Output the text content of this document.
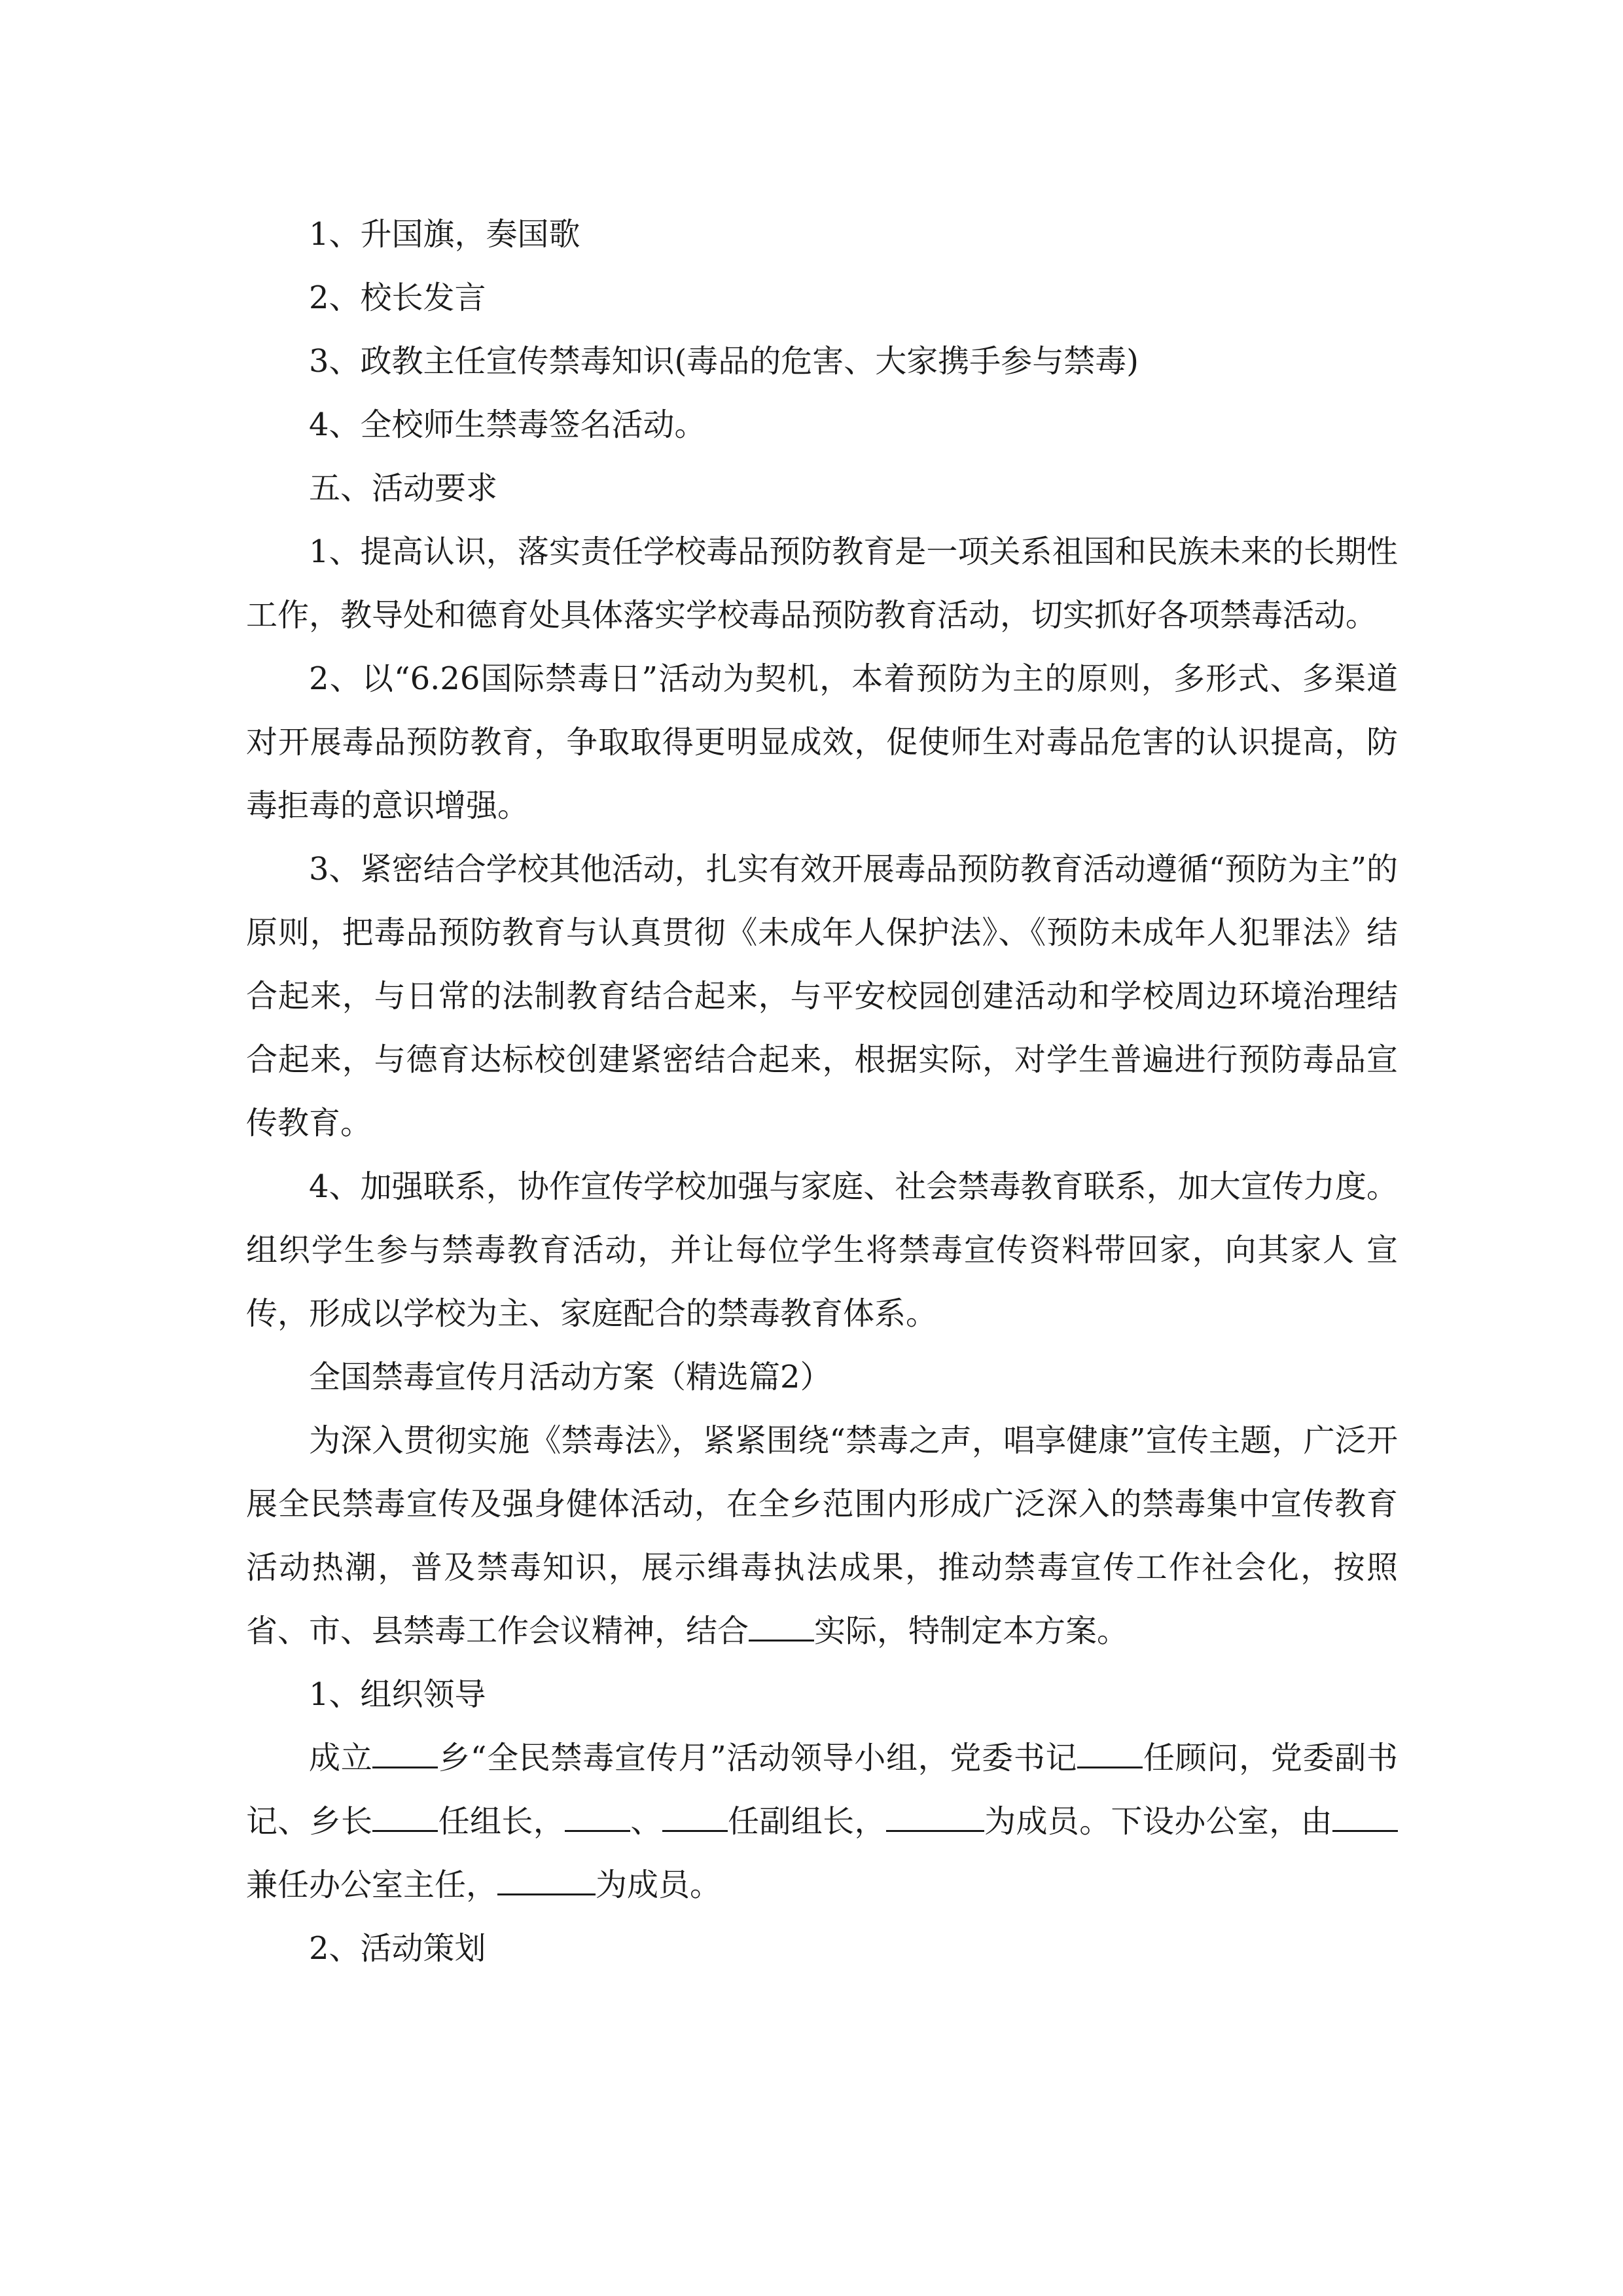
1、升国旗，奏国歌

2、校长发言

3、政教主任宣传禁毒知识(毒品的危害、大家携手参与禁毒)

4、全校师生禁毒签名活动。

五、活动要求

1、提高认识，落实责任学校毒品预防教育是一项关系祖国和民族未来的长期性工作，教导处和德育处具体落实学校毒品预防教育活动，切实抓好各项禁毒活动。

2、以“6.26国际禁毒日”活动为契机，本着预防为主的原则，多形式、多渠道对开展毒品预防教育，争取取得更明显成效，促使师生对毒品危害的认识提高，防毒拒毒的意识增强。

3、紧密结合学校其他活动，扎实有效开展毒品预防教育活动遵循“预防为主”的原则，把毒品预防教育与认真贯彻《未成年人保护法》、《预防未成年人犯罪法》结合起来，与日常的法制教育结合起来，与平安校园创建活动和学校周边环境治理结合起来，与德育达标校创建紧密结合起来，根据实际，对学生普遍进行预防毒品宣传教育。

4、加强联系，协作宣传学校加强与家庭、社会禁毒教育联系，加大宣传力度。组织学生参与禁毒教育活动，并让每位学生将禁毒宣传资料带回家，向其家人 宣传，形成以学校为主、家庭配合的禁毒教育体系。

全国禁毒宣传月活动方案（精选篇2）

为深入贯彻实施《禁毒法》，紧紧围绕“禁毒之声，唱享健康”宣传主题，广泛开展全民禁毒宣传及强身健体活动，在全乡范围内形成广泛深入的禁毒集中宣传教育活动热潮，普及禁毒知识，展示缉毒执法成果，推动禁毒宣传工作社会化，按照省、市、县禁毒工作会议精神，结合 实际，特制定本方案。

1、组织领导

成立 乡“全民禁毒宣传月”活动领导小组，党委书记 任顾问，党委副书记、乡长 任组长， 、 任副组长，	为成员。下设办公室，由兼任办公室主任，	为成员。

2、活动策划
